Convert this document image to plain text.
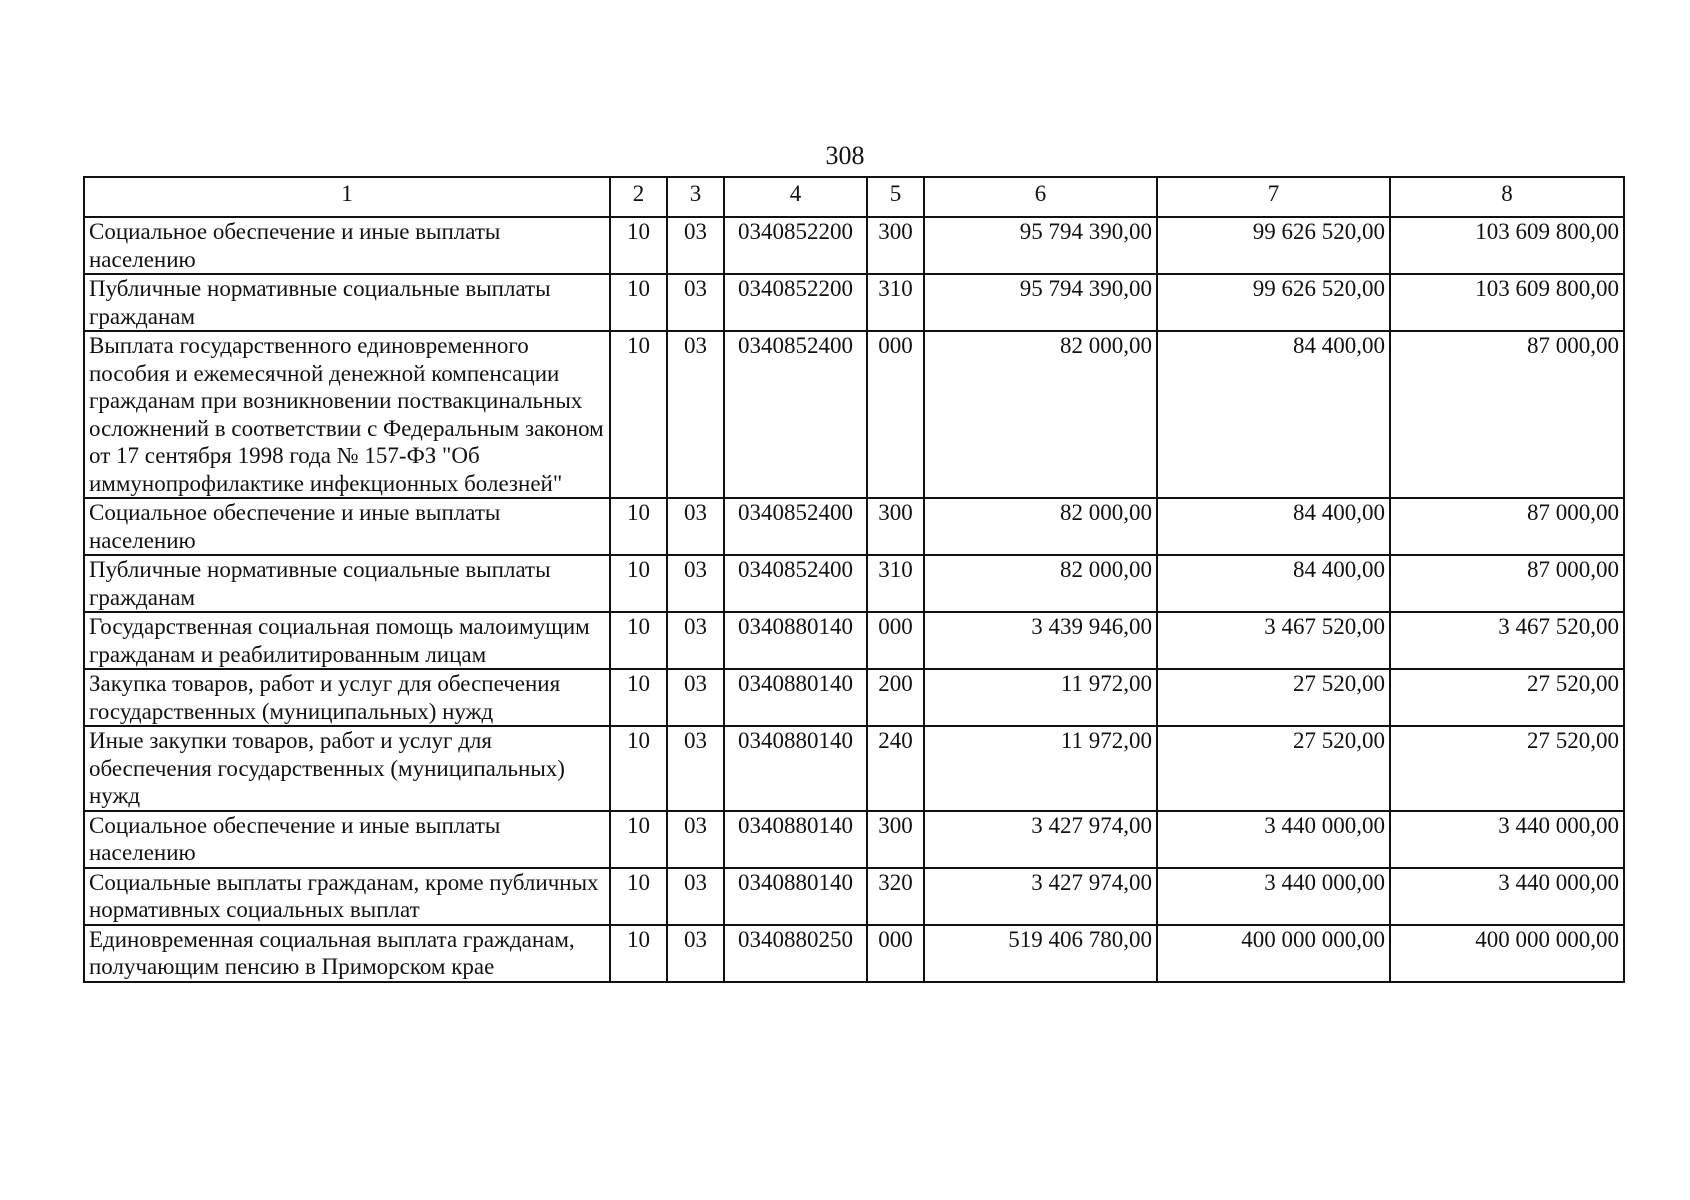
308
1	2	3	4	5	6	7	8
Социальное обеспечение и иные выплаты населению	10	03	0340852200	300	95 794 390,00	99 626 520,00	103 609 800,00
Публичные нормативные социальные выплаты гражданам	10	03	0340852200	310	95 794 390,00	99 626 520,00	103 609 800,00
Выплата государственного единовременного пособия и ежемесячной денежной компенсации гражданам при возникновении поствакцинальных осложнений в соответствии с Федеральным законом от 17 сентября 1998 года № 157-ФЗ "Об иммунопрофилактике инфекционных болезней"	10	03	0340852400	000	82 000,00	84 400,00	87 000,00
Социальное обеспечение и иные выплаты населению	10	03	0340852400	300	82 000,00	84 400,00	87 000,00
Публичные нормативные социальные выплаты гражданам	10	03	0340852400	310	82 000,00	84 400,00	87 000,00
Государственная социальная помощь малоимущим гражданам и реабилитированным лицам	10	03	0340880140	000	3 439 946,00	3 467 520,00	3 467 520,00
Закупка товаров, работ и услуг для обеспечения государственных (муниципальных) нужд	10	03	0340880140	200	11 972,00	27 520,00	27 520,00
Иные закупки товаров, работ и услуг для обеспечения государственных (муниципальных) нужд	10	03	0340880140	240	11 972,00	27 520,00	27 520,00
Социальное обеспечение и иные выплаты населению	10	03	0340880140	300	3 427 974,00	3 440 000,00	3 440 000,00
Социальные выплаты гражданам, кроме публичных нормативных социальных выплат	10	03	0340880140	320	3 427 974,00	3 440 000,00	3 440 000,00
Единовременная социальная выплата гражданам, получающим пенсию в Приморском крае	10	03	0340880250	000	519 406 780,00	400 000 000,00	400 000 000,00
